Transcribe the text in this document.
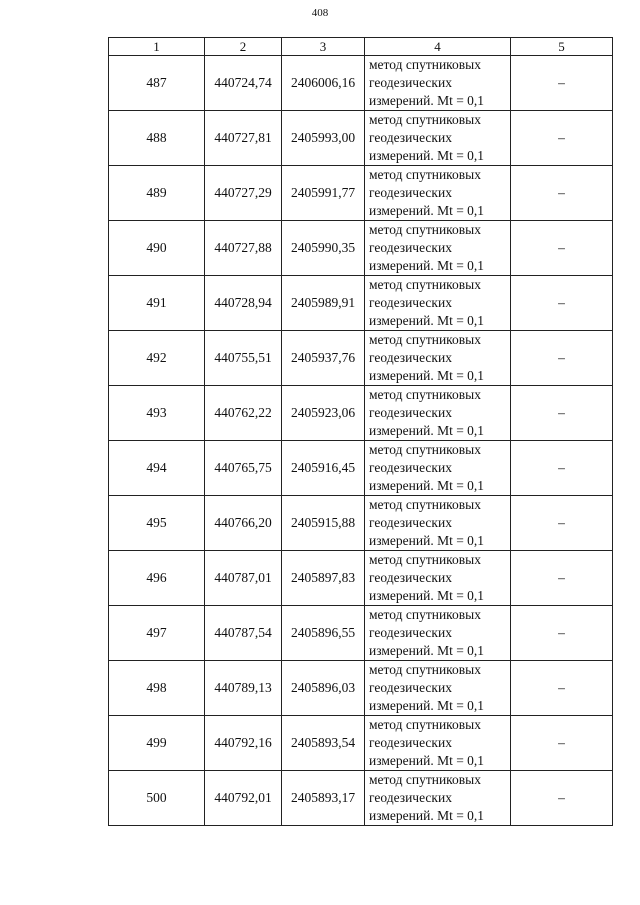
408
1	2	3	4	5
487	440724,74	2406006,16	метод спутниковых
геодезических
измерений. Mt = 0,1	–
488	440727,81	2405993,00	метод спутниковых
геодезических
измерений. Mt = 0,1	–
489	440727,29	2405991,77	метод спутниковых
геодезических
измерений. Mt = 0,1	–
490	440727,88	2405990,35	метод спутниковых
геодезических
измерений. Mt = 0,1	–
491	440728,94	2405989,91	метод спутниковых
геодезических
измерений. Mt = 0,1	–
492	440755,51	2405937,76	метод спутниковых
геодезических
измерений. Mt = 0,1	–
493	440762,22	2405923,06	метод спутниковых
геодезических
измерений. Mt = 0,1	–
494	440765,75	2405916,45	метод спутниковых
геодезических
измерений. Mt = 0,1	–
495	440766,20	2405915,88	метод спутниковых
геодезических
измерений. Mt = 0,1	–
496	440787,01	2405897,83	метод спутниковых
геодезических
измерений. Mt = 0,1	–
497	440787,54	2405896,55	метод спутниковых
геодезических
измерений. Mt = 0,1	–
498	440789,13	2405896,03	метод спутниковых
геодезических
измерений. Mt = 0,1	–
499	440792,16	2405893,54	метод спутниковых
геодезических
измерений. Mt = 0,1	–
500	440792,01	2405893,17	метод спутниковых
геодезических
измерений. Mt = 0,1	–
